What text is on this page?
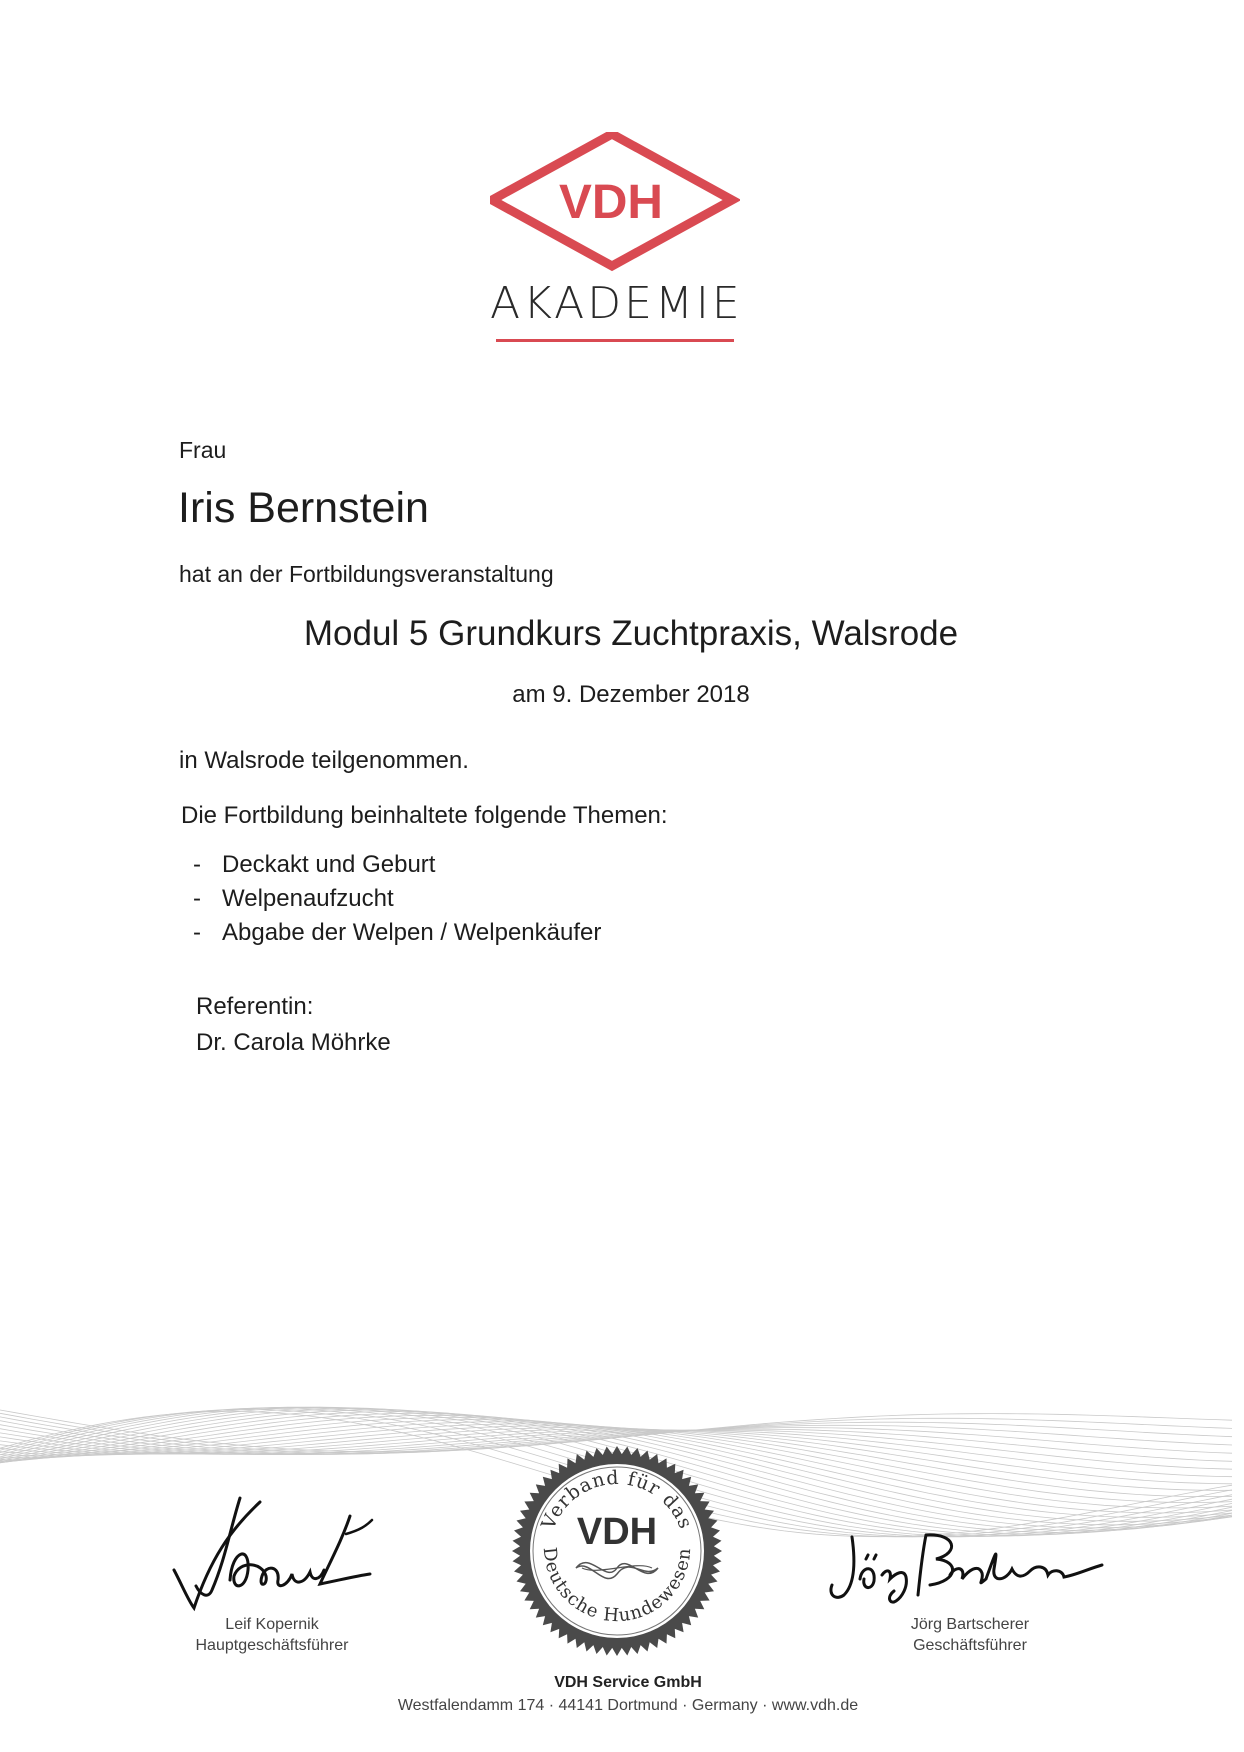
VDH
AKADEMIE
Frau
Iris Bernstein
hat an der Fortbildungsveranstaltung
Modul 5 Grundkurs Zuchtpraxis, Walsrode
am 9. Dezember 2018
in Walsrode teilgenommen.
Die Fortbildung beinhaltete folgende Themen:
- Deckakt und Geburt
- Welpenaufzucht
- Abgabe der Welpen / Welpenkäufer
Referentin:
Dr. Carola Möhrke
Verband für das
Deutsche Hundewesen
VDH
Leif Kopernik
Hauptgeschäftsführer
Jörg Bartscherer
Geschäftsführer
VDH Service GmbH
Westfalendamm 174 · 44141 Dortmund · Germany · www.vdh.de
